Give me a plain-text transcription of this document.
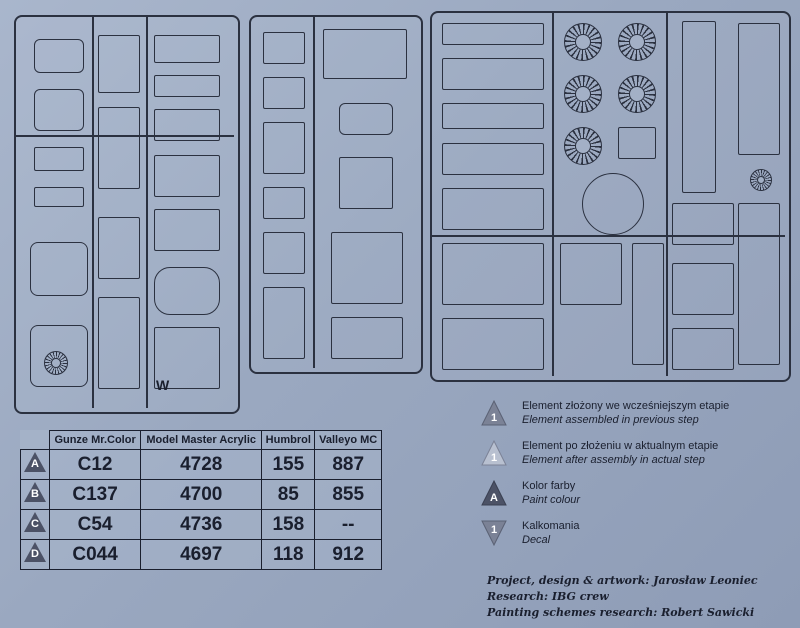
W
	Gunze Mr.Color	Model Master Acrylic	Humbrol	Valleyo MC

A	C12	4728	155	887

B	C137	4700	85	855

C	C54	4736	158	--

D	C044	4697	118	912
1
Element złożony we wcześniejszym etapie
Element assembled in previous step
1
Element po złożeniu w aktualnym etapie
Element after assembly in actual step
A
Kolor farby
Paint colour
1 Kalkomania
Decal
Project, design & artwork: Jarosław Leoniec
Research: IBG crew
Painting schemes research: Robert Sawicki
